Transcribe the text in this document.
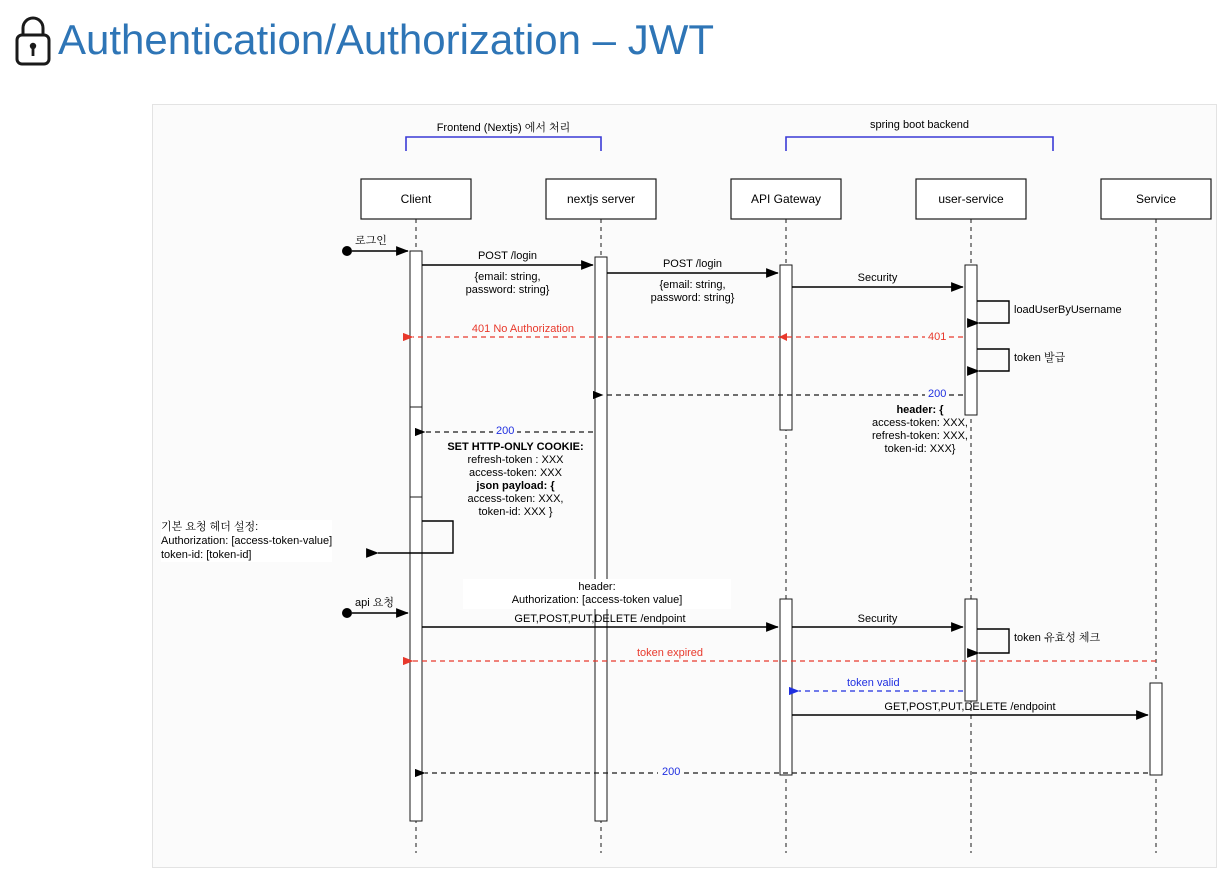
Authentication/Authorization – JWT
Frontend (Nextjs) 에서 처리	spring boot backend
Client	nextjs server	API Gateway	user-service	Service
로그인
POST /login
{email: string,
password: string}
POST /login
{email: string,
password: string}
Security
loadUserByUsername
token 발급
401 No Authorization
401
200
header: {
access-token: XXX,
refresh-token: XXX,
token-id: XXX}
200
SET HTTP-ONLY COOKIE:
refresh-token : XXX
access-token: XXX
json payload: {
access-token: XXX,
token-id: XXX }
기본 요청 헤더 설정:
Authorization: [access-token-value]
token-id: [token-id]
api 요청
header:
Authorization: [access-token value]
GET,POST,PUT,DELETE /endpoint	Security
token 유효성 체크
token expired
token valid
GET,POST,PUT,DELETE /endpoint
200
